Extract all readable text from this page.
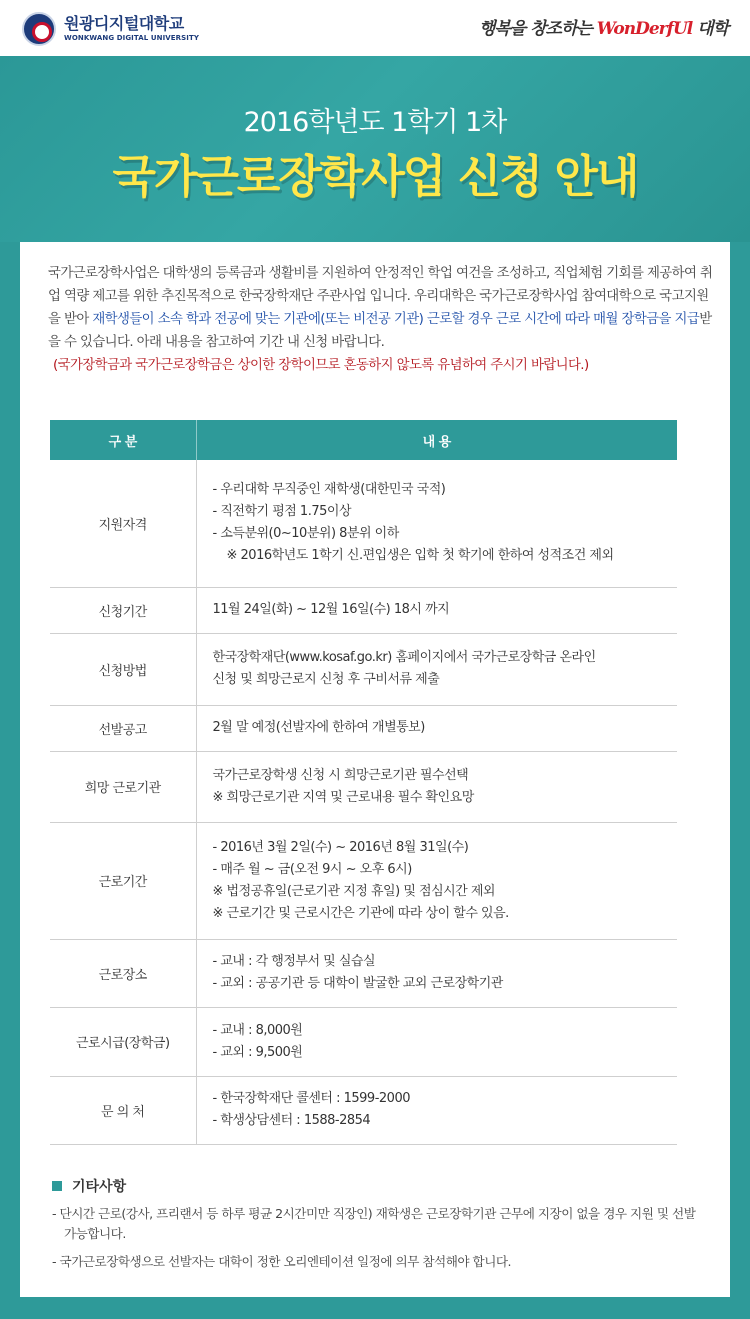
원광디지털대학교
WONKWANG DIGITAL UNIVERSITY	행복을 창조하는 WonDerfUl 대학
2016학년도 1학기 1차
국가근로장학사업 신청 안내
국가근로장학사업은 대학생의 등록금과 생활비를 지원하여 안정적인 학업 여건을 조성하고, 직업체험 기회를 제공하여 취업 역량 제고를 위한 추진목적으로 한국장학재단 주관사업 입니다. 우리대학은 국가근로장학사업 참여대학으로 국고지원을 받아 재학생들이 소속 학과 전공에 맞는 기관에(또는 비전공 기관) 근로할 경우 근로 시간에 따라 매월 장학금을 지급받을 수 있습니다. 아래 내용을 참고하여 기간 내 신청 바랍니다.
(국가장학금과 국가근로장학금은 상이한 장학이므로 혼동하지 않도록 유념하여 주시기 바랍니다.)
구 분	내 용
지원자격	- 우리대학 무직중인 재학생(대한민국 국적)
- 직전학기 평점 1.75이상
- 소득분위(0~10분위) 8분위 이하
※ 2016학년도 1학기 신.편입생은 입학 첫 학기에 한하여 성적조건 제외

신청기간	11월 24일(화) ~ 12월 16일(수) 18시 까지

신청방법	한국장학재단(www.kosaf.go.kr) 홈페이지에서 국가근로장학금 온라인
신청 및 희망근로지 신청 후 구비서류 제출

선발공고	2월 말 예정(선발자에 한하여 개별통보)

희망 근로기관	국가근로장학생 신청 시 희망근로기관 필수선택
※ 희망근로기관 지역 및 근로내용 필수 확인요망

근로기간	- 2016년 3월 2일(수) ~ 2016년 8월 31일(수)
- 매주 월 ~ 금(오전 9시 ~ 오후 6시)
※ 법정공휴일(근로기관 지정 휴일) 및 점심시간 제외
※ 근로기간 및 근로시간은 기관에 따라 상이 할수 있음.

근로장소	- 교내 : 각 행정부서 및 실습실
- 교외 : 공공기관 등 대학이 발굴한 교외 근로장학기관

근로시급(장학금)	- 교내 : 8,000원
- 교외 : 9,500원

문 의 처	- 한국장학재단 콜센터 : 1599-2000
- 학생상담센터 : 1588-2854
기타사항
- 단시간 근로(강사, 프리랜서 등 하루 평균 2시간미만 직장인) 재학생은 근로장학기관 근무에 지장이 없을 경우 지원 및 선발 가능합니다.
- 국가근로장학생으로 선발자는 대학이 정한 오리엔테이션 일정에 의무 참석해야 합니다.
